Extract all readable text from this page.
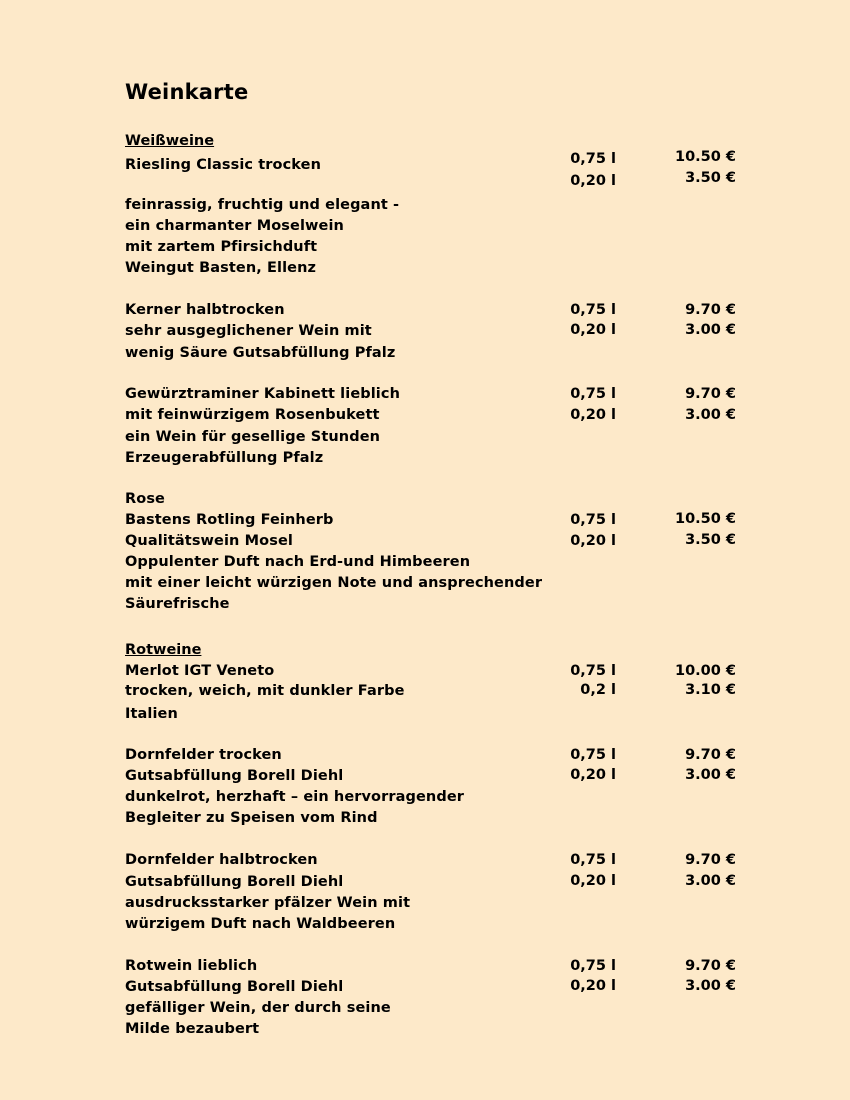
Weinkarte
Weißweine
Riesling Classic trocken
feinrassig, fruchtig und elegant -
ein charmanter Moselwein
mit zartem Pfirsichduft
Weingut Basten, Ellenz
0,75 l
0,20 l
10.50 €
3.50 €
Kerner halbtrocken
sehr ausgeglichener Wein mit
wenig Säure Gutsabfüllung Pfalz
0,75 l
0,20 l
9.70 €
3.00 €
Gewürztraminer Kabinett lieblich
mit feinwürzigem Rosenbukett
ein Wein für gesellige Stunden
Erzeugerabfüllung Pfalz
0,75 l
0,20 l
9.70 €
3.00 €
Rose
Bastens Rotling Feinherb
Qualitätswein Mosel
Oppulenter Duft nach Erd-und Himbeeren
mit einer leicht würzigen Note und ansprechender
Säurefrische
0,75 l
0,20 l
10.50 €
3.50 €
Rotweine
Merlot IGT Veneto
trocken, weich, mit dunkler Farbe
Italien
0,75 l
0,2 l
10.00 €
3.10 €
Dornfelder trocken
Gutsabfüllung Borell Diehl
dunkelrot, herzhaft – ein hervorragender
Begleiter zu Speisen vom Rind
0,75 l
0,20 l
9.70 €
3.00 €
Dornfelder halbtrocken
Gutsabfüllung Borell Diehl
ausdrucksstarker pfälzer Wein mit
würzigem Duft nach Waldbeeren
0,75 l
0,20 l
9.70 €
3.00 €
Rotwein lieblich
Gutsabfüllung Borell Diehl
gefälliger Wein, der durch seine
Milde bezaubert
0,75 l
0,20 l
9.70 €
3.00 €
